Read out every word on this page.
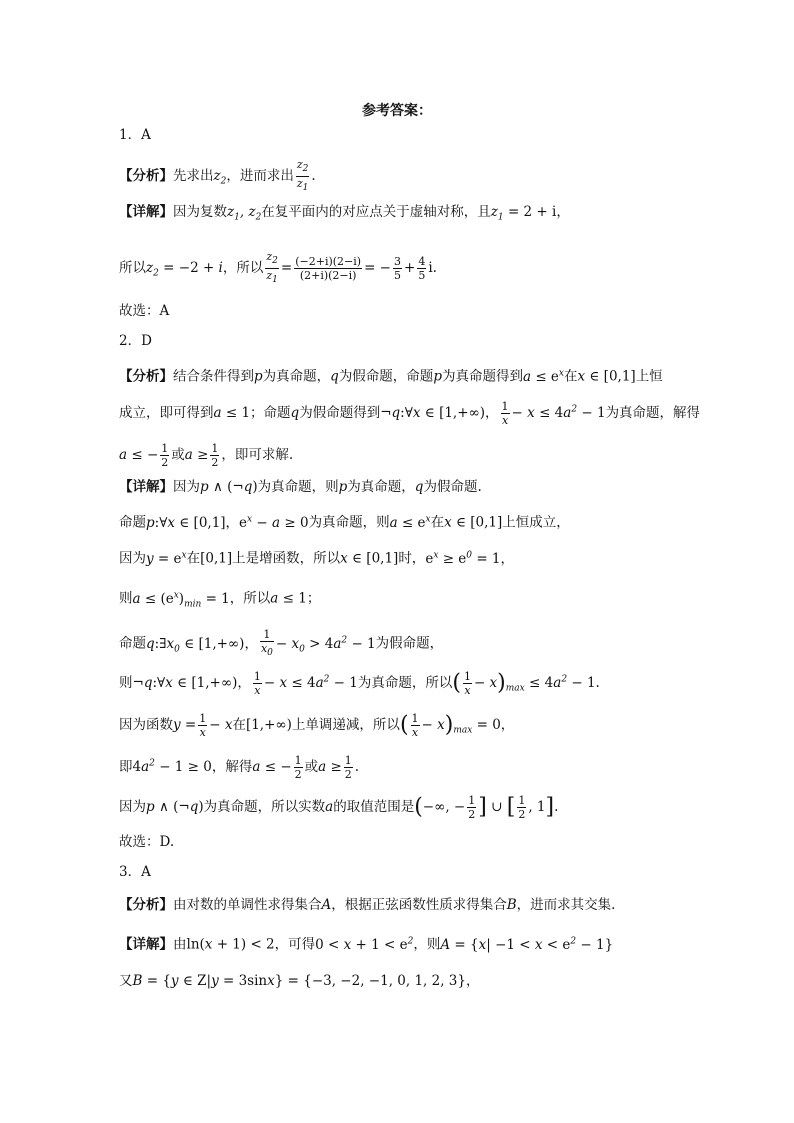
参考答案：
1．A
【分析】先求出$z_2$，进而求出 $\frac{z_2}{z_1}$ .
【详解】因为复数$z_1$, $z_2$在复平面内的对应点关于虚轴对称，且$z_1 = 2 + i$，
所以$z_2 = -2 + i$，所以 $\frac{z_2}{z_1} = \frac{(-2+i)(2-i)}{(2+i)(2-i)}$ = − $\frac{3}{5} + \frac{4}{5} i$.
故选：A
2．D
【分析】结合条件得到p为真命题，q为假命题，命题p为真命题得到$a \le e^x$在x ∈ [0,1]上恒
成立，即可得到a ≤ 1；命题q为假命题得到¬q:∀x ∈ [1,+∞)， $\frac{1}{x} - x \le 4a^2 - 1$为真命题，解得
a ≤ − $\frac{1}{2}$ 或$a \ge \frac{1}{2}$ ，即可求解.
【详解】因为p ∧ (¬q)为真命题，则p为真命题，q为假命题.
命题p:∀x ∈ [0,1]，$e^x - a \ge 0$为真命题，则$a \le e^x$在x ∈ [0,1]上恒成立，
因为$y = e^x$在[0,1]上是增函数，所以x ∈ [0,1]时，$e^x \ge e^0 = 1$，
则$a \le (e^x)_{min} = 1$，所以a ≤ 1；
命题$q:\exists x_0$ ∈ [1,+∞)， $\frac{1}{x_0} - x_0 > 4a^2 - 1$为假命题，
则¬q:∀x ∈ [1,+∞)， $\frac{1}{x} - x \le 4a^2 - 1$为真命题，所以( $\frac{1}{x} - x)_{max} \le 4a^2 - 1$.
因为函数$y = \frac{1}{x} - x$在[1,+∞)上单调递减，所以( $\frac{1}{x} - x)_{max} = 0$，
即$4a^2 - 1 \ge 0$，解得a ≤ − $\frac{1}{2}$ 或$a \ge \frac{1}{2}$ .
因为p ∧ (¬q)为真命题，所以实数a的取值范围是(−∞, − $\frac{1}{2}$ ] ∪ [ $\frac{1}{2}$ , 1].
故选：D.
3．A
【分析】由对数的单调性求得集合A，根据正弦函数性质求得集合B，进而求其交集.
【详解】由ln(x + 1) < 2，可得$0 < x + 1 < e^2$，则$A = \{x| -1 < x < e^2 - 1\}$
又B = {y ∈ Z|y = 3sinx} = {−3, −2, −1, 0, 1, 2, 3}，
